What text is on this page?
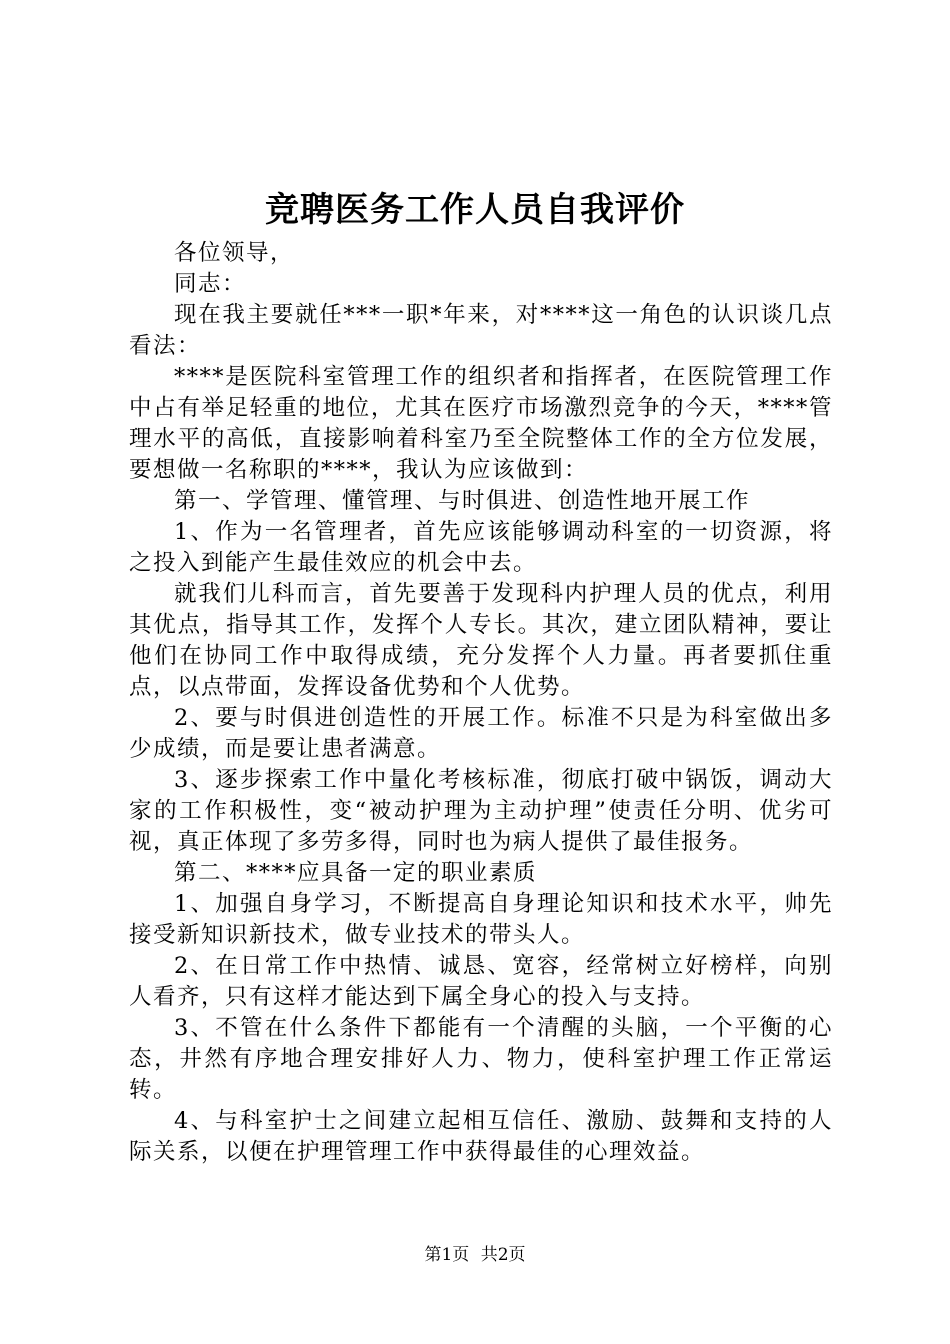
竞聘医务工作人员自我评价

各位领导，

同志：

现在我主要就任***一职*年来，对****这一角色的认识谈几点看法：

****是医院科室管理工作的组织者和指挥者，在医院管理工作中占有举足轻重的地位，尤其在医疗市场激烈竞争的今天，****管理水平的高低，直接影响着科室乃至全院整体工作的全方位发展，要想做一名称职的****，我认为应该做到：

第一、学管理、懂管理、与时俱进、创造性地开展工作

1、作为一名管理者，首先应该能够调动科室的一切资源，将之投入到能产生最佳效应的机会中去。

就我们儿科而言，首先要善于发现科内护理人员的优点，利用其优点，指导其工作，发挥个人专长。其次，建立团队精神，要让他们在协同工作中取得成绩，充分发挥个人力量。再者要抓住重点，以点带面，发挥设备优势和个人优势。

2、要与时俱进创造性的开展工作。标准不只是为科室做出多少成绩，而是要让患者满意。

3、逐步探索工作中量化考核标准，彻底打破中锅饭，调动大家的工作积极性，变“被动护理为主动护理”使责任分明、优劣可视，真正体现了多劳多得，同时也为病人提供了最佳报务。

第二、****应具备一定的职业素质

1、加强自身学习，不断提高自身理论知识和技术水平，帅先接受新知识新技术，做专业技术的带头人。

2、在日常工作中热情、诚恳、宽容，经常树立好榜样，向别人看齐，只有这样才能达到下属全身心的投入与支持。

3、不管在什么条件下都能有一个清醒的头脑，一个平衡的心态，井然有序地合理安排好人力、物力，使科室护理工作正常运转。

4、与科室护士之间建立起相互信任、激励、鼓舞和支持的人际关系，以便在护理管理工作中获得最佳的心理效益。

第1页 共2页
